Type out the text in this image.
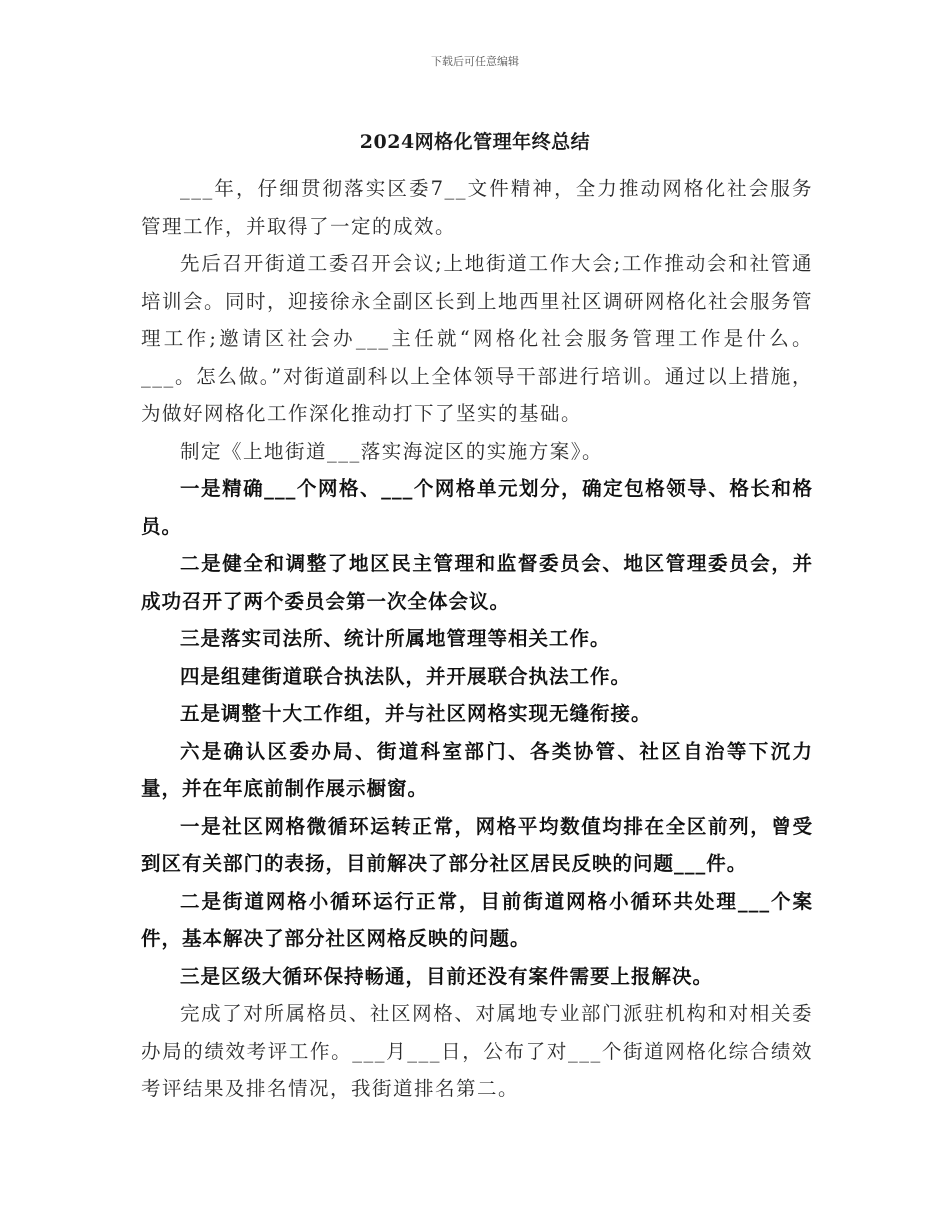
下载后可任意编辑
2024网格化管理年终总结

___年，仔细贯彻落实区委7__文件精神，全力推动网格化社会服务管理工作，并取得了一定的成效。

先后召开街道工委召开会议;上地街道工作大会;工作推动会和社管通培训会。同时，迎接徐永全副区长到上地西里社区调研网格化社会服务管理工作;邀请区社会办___主任就“网格化社会服务管理工作是什么。___。怎么做。”对街道副科以上全体领导干部进行培训。通过以上措施，为做好网格化工作深化推动打下了坚实的基础。

制定《上地街道___落实海淀区的实施方案》。

一是精确___个网格、___个网格单元划分，确定包格领导、格长和格员。

二是健全和调整了地区民主管理和监督委员会、地区管理委员会，并成功召开了两个委员会第一次全体会议。

三是落实司法所、统计所属地管理等相关工作。

四是组建街道联合执法队，并开展联合执法工作。

五是调整十大工作组，并与社区网格实现无缝衔接。

六是确认区委办局、街道科室部门、各类协管、社区自治等下沉力量，并在年底前制作展示橱窗。

一是社区网格微循环运转正常，网格平均数值均排在全区前列，曾受到区有关部门的表扬，目前解决了部分社区居民反映的问题___件。

二是街道网格小循环运行正常，目前街道网格小循环共处理___个案件，基本解决了部分社区网格反映的问题。

三是区级大循环保持畅通，目前还没有案件需要上报解决。

完成了对所属格员、社区网格、对属地专业部门派驻机构和对相关委办局的绩效考评工作。___月___日，公布了对___个街道网格化综合绩效考评结果及排名情况，我街道排名第二。
